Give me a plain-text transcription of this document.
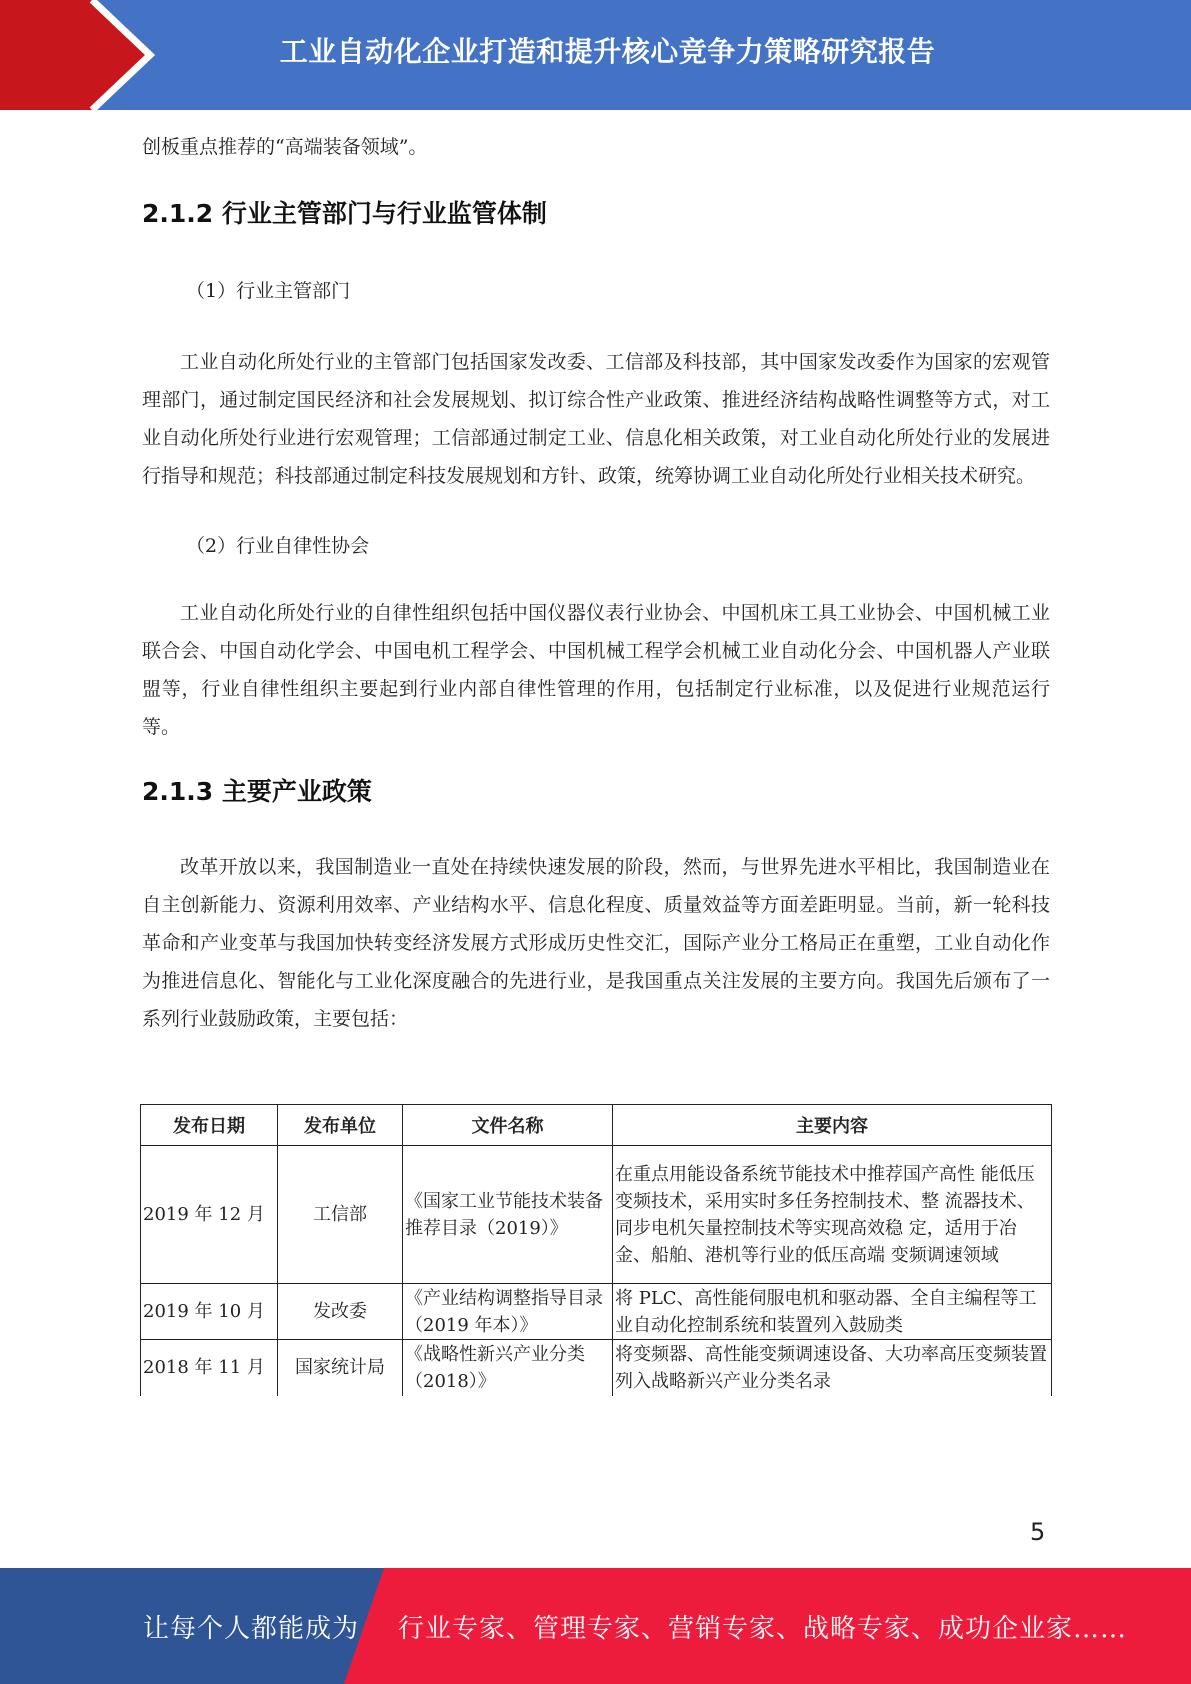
工业自动化企业打造和提升核心竞争力策略研究报告

创板重点推荐的“高端装备领域”。

2.1.2 行业主管部门与行业监管体制

（1）行业主管部门

工业自动化所处行业的主管部门包括国家发改委、工信部及科技部，其中国家发改委作为国家的宏观管理部门，通过制定国民经济和社会发展规划、拟订综合性产业政策、推进经济结构战略性调整等方式，对工业自动化所处行业进行宏观管理；工信部通过制定工业、信息化相关政策，对工业自动化所处行业的发展进行指导和规范；科技部通过制定科技发展规划和方针、政策，统筹协调工业自动化所处行业相关技术研究。

（2）行业自律性协会

工业自动化所处行业的自律性组织包括中国仪器仪表行业协会、中国机床工具工业协会、中国机械工业联合会、中国自动化学会、中国电机工程学会、中国机械工程学会机械工业自动化分会、中国机器人产业联盟等，行业自律性组织主要起到行业内部自律性管理的作用，包括制定行业标准，以及促进行业规范运行等。

2.1.3 主要产业政策

改革开放以来，我国制造业一直处在持续快速发展的阶段，然而，与世界先进水平相比，我国制造业在自主创新能力、资源利用效率、产业结构水平、信息化程度、质量效益等方面差距明显。当前，新一轮科技革命和产业变革与我国加快转变经济发展方式形成历史性交汇，国际产业分工格局正在重塑，工业自动化作为推进信息化、智能化与工业化深度融合的先进行业，是我国重点关注发展的主要方向。我国先后颁布了一系列行业鼓励政策，主要包括：

发布日期	发布单位	文件名称	主要内容
2019 年 12 月	工信部	《国家工业节能技术装备推荐目录（2019）》	在重点用能设备系统节能技术中推荐国产高性 能低压变频技术，采用实时多任务控制技术、整 流器技术、同步电机矢量控制技术等实现高效稳 定，适用于冶金、船舶、港机等行业的低压高端 变频调速领域
2019 年 10 月	发改委	《产业结构调整指导目录（2019 年本）》	将 PLC、高性能伺服电机和驱动器、全自主编程等工业自动化控制系统和装置列入鼓励类
2018 年 11 月	国家统计局	《战略性新兴产业分类（2018）》	将变频器、高性能变频调速设备、大功率高压变频装置列入战略新兴产业分类名录
5
让每个人都能成为 行业专家、管理专家、营销专家、战略专家、成功企业家……
